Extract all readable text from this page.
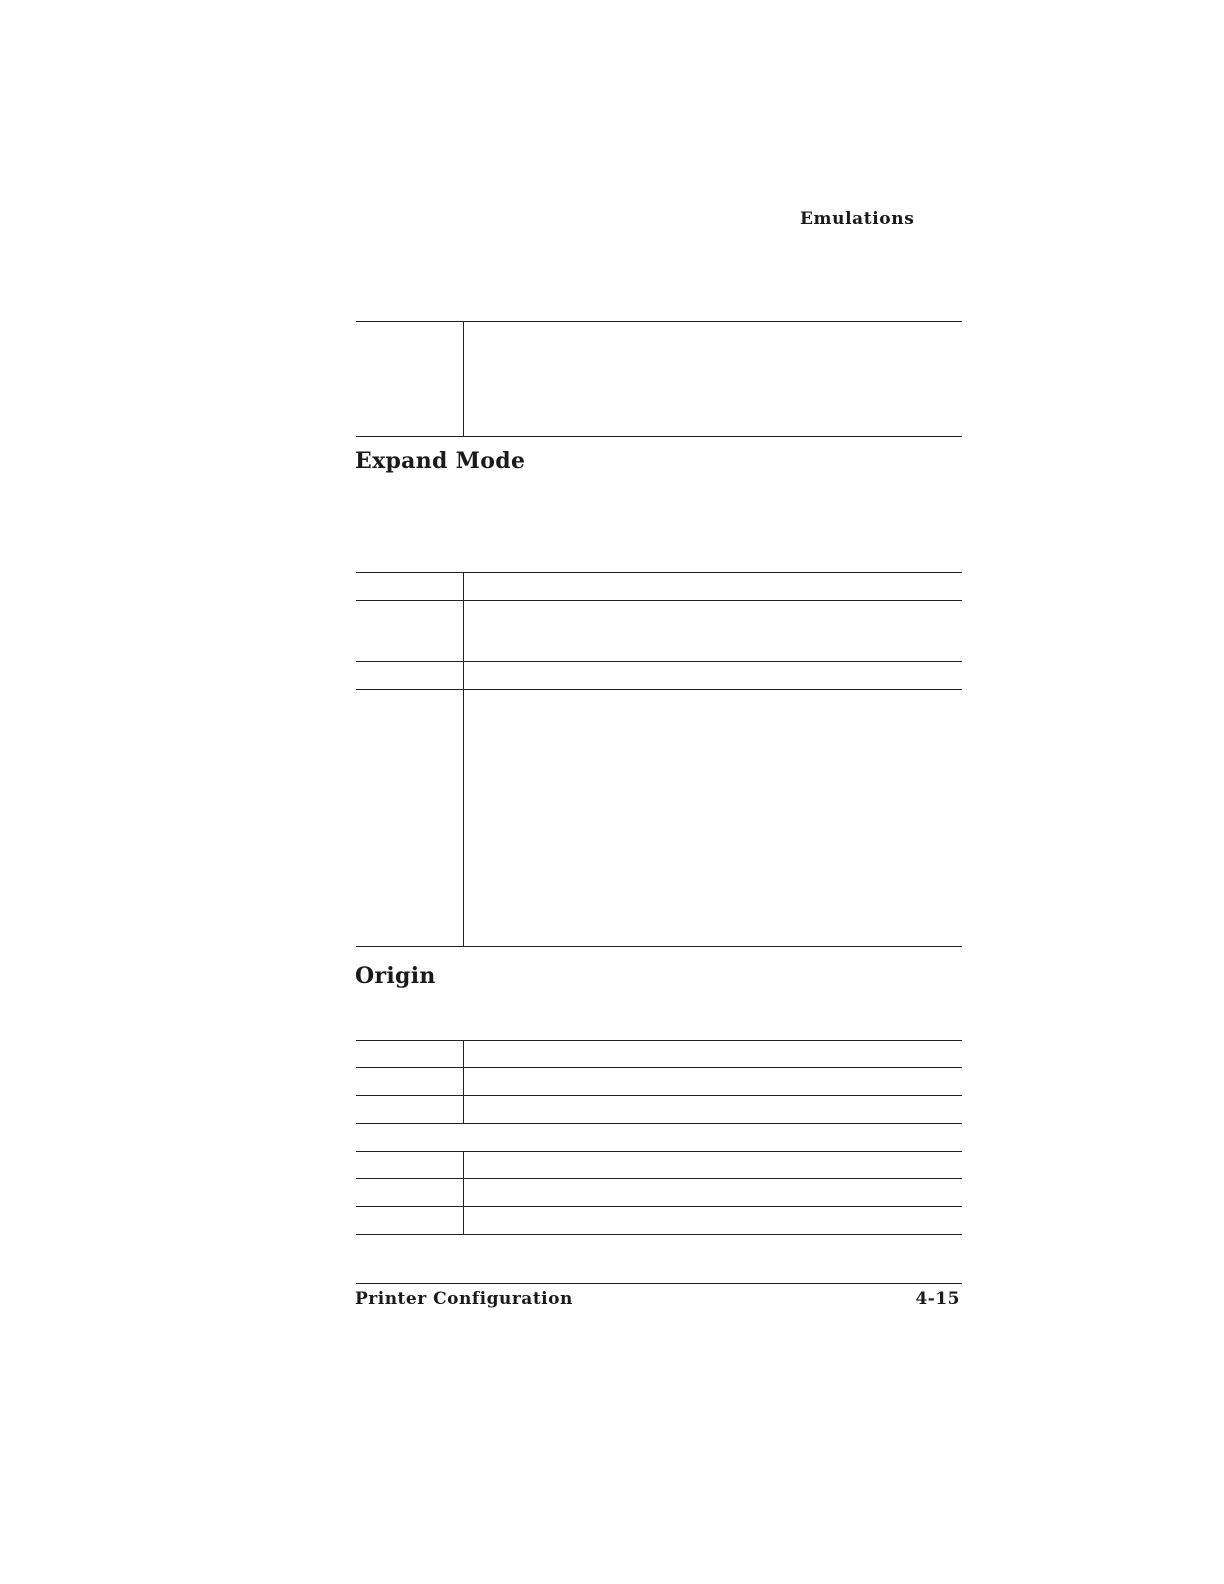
Emulations
Expand Mode
Origin
Printer Configuration	4-15
